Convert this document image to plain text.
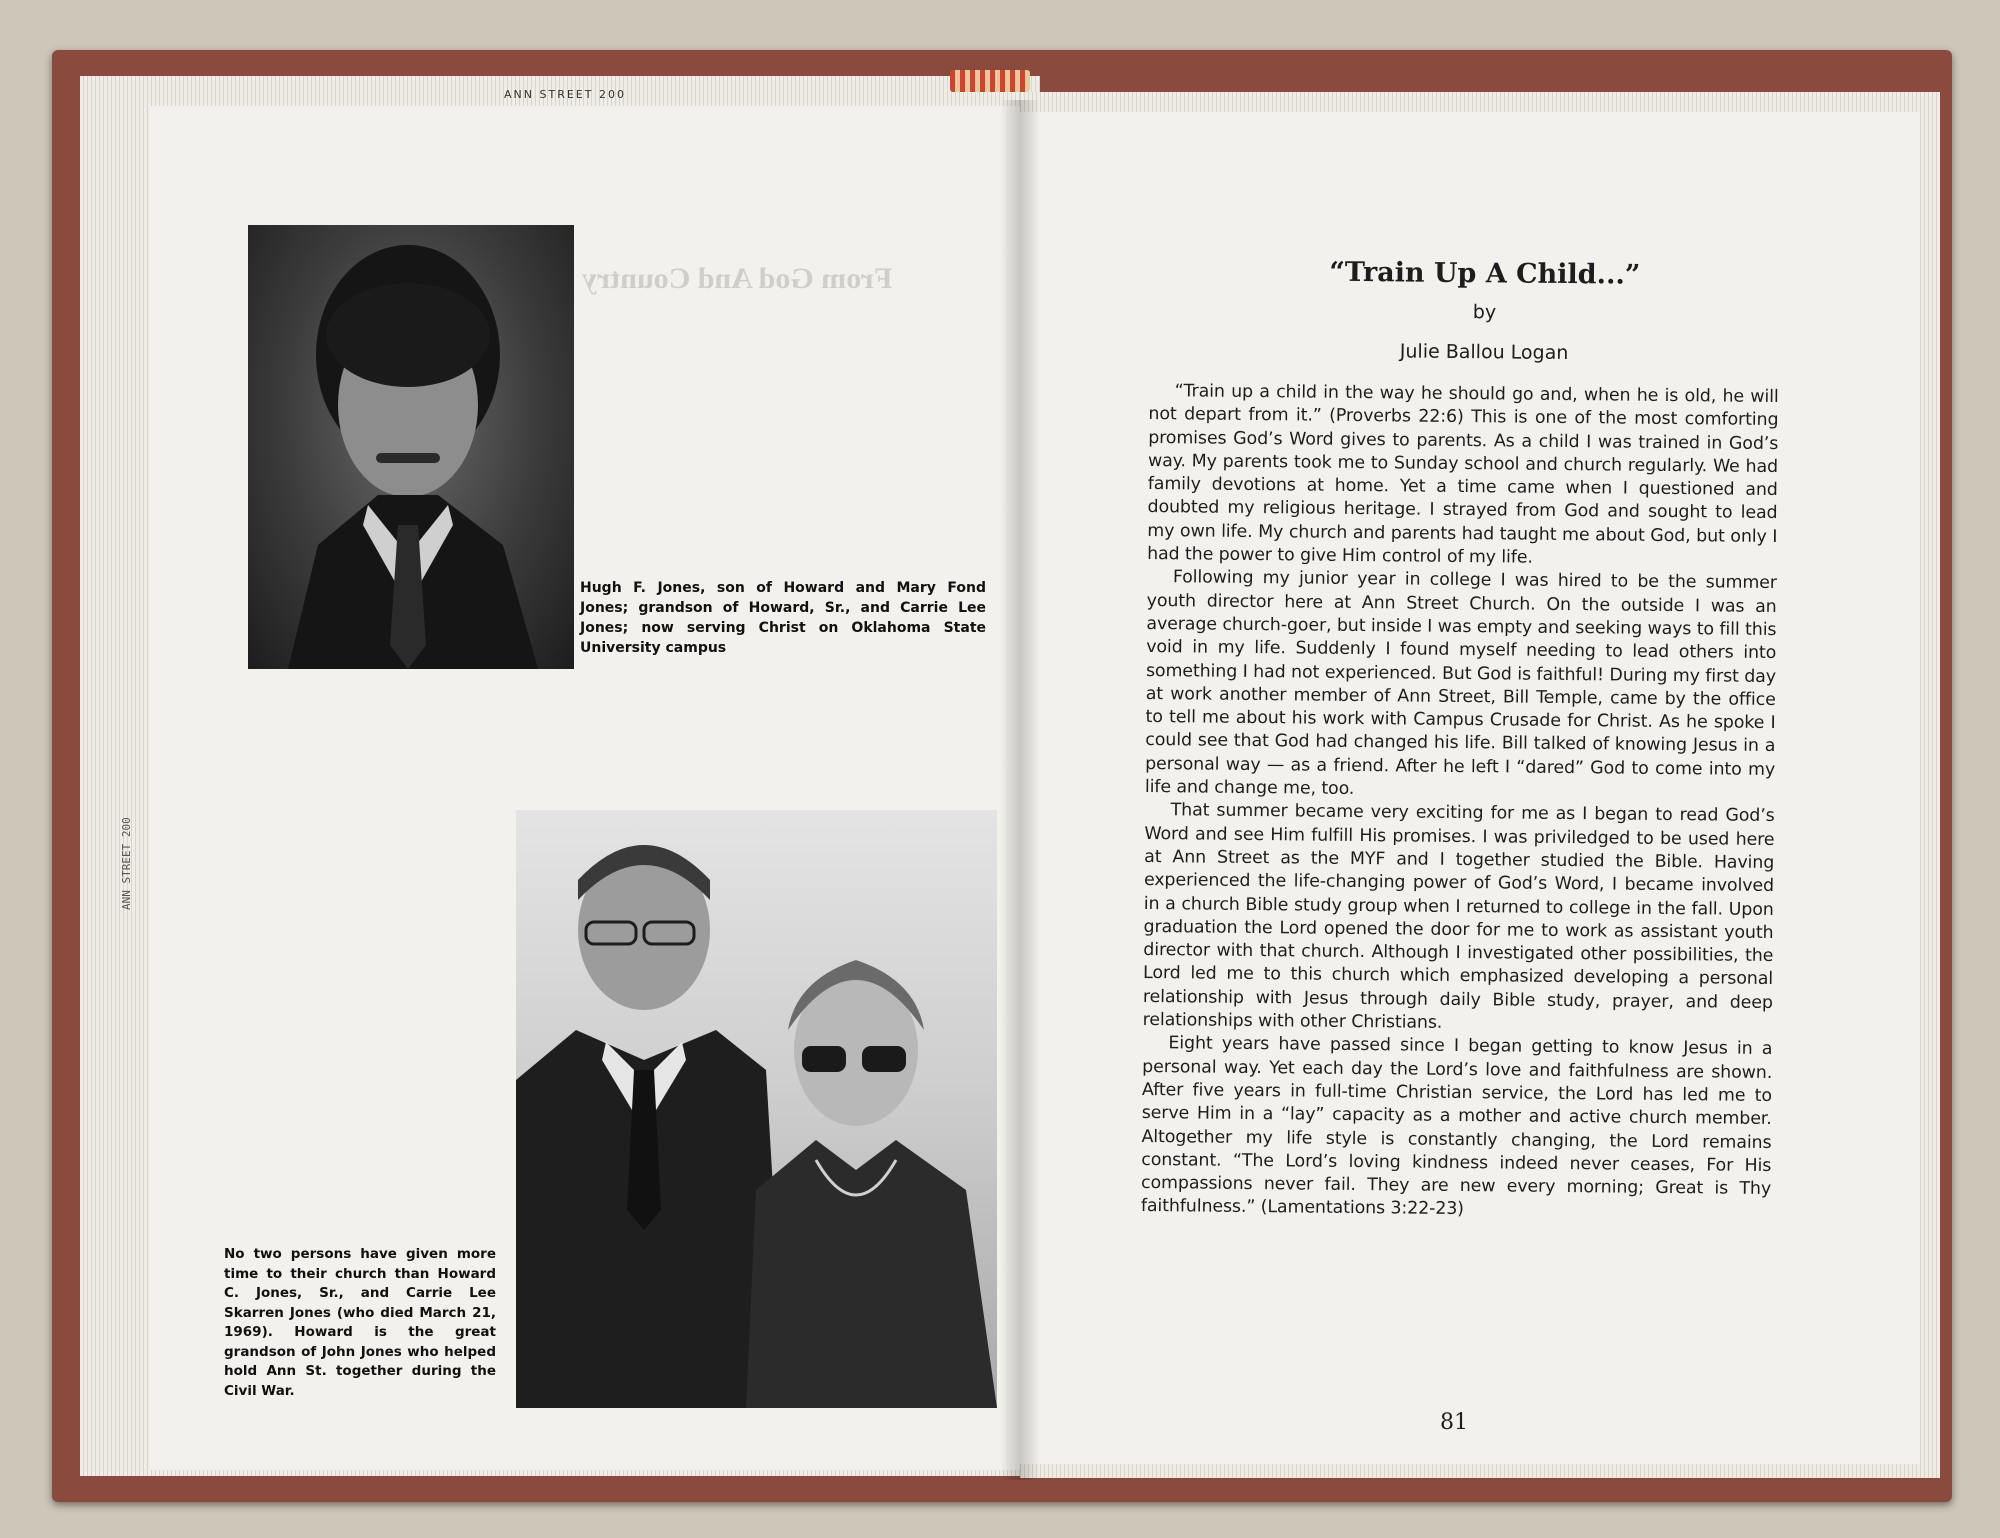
ANN STREET 200
ANN STREET 200
From God And Country
Hugh F. Jones, son of Howard and Mary Fond Jones; grandson of Howard, Sr., and Carrie Lee Jones; now serving Christ on Oklahoma State University campus
No two persons have given more time to their church than Howard C. Jones, Sr., and Carrie Lee Skarren Jones (who died March 21, 1969). Howard is the great grandson of John Jones who helped hold Ann St. together during the Civil War.
“Train Up A Child...”
by
Julie Ballou Logan

“Train up a child in the way he should go and, when he is old, he will not depart from it.” (Proverbs 22:6) This is one of the most comforting promises God’s Word gives to parents. As a child I was trained in God’s way. My parents took me to Sunday school and church regularly. We had family devotions at home. Yet a time came when I questioned and doubted my religious heritage. I strayed from God and sought to lead my own life. My church and parents had taught me about God, but only I had the power to give Him control of my life.

Following my junior year in college I was hired to be the summer youth director here at Ann Street Church. On the outside I was an average church-goer, but inside I was empty and seeking ways to fill this void in my life. Suddenly I found myself needing to lead others into something I had not experienced. But God is faithful! During my first day at work another member of Ann Street, Bill Temple, came by the office to tell me about his work with Campus Crusade for Christ. As he spoke I could see that God had changed his life. Bill talked of knowing Jesus in a personal way — as a friend. After he left I “dared” God to come into my life and change me, too.

That summer became very exciting for me as I began to read God’s Word and see Him fulfill His promises. I was priviledged to be used here at Ann Street as the MYF and I together studied the Bible. Having experienced the life-changing power of God’s Word, I became involved in a church Bible study group when I returned to college in the fall. Upon graduation the Lord opened the door for me to work as assistant youth director with that church. Although I investigated other possibilities, the Lord led me to this church which emphasized developing a personal relationship with Jesus through daily Bible study, prayer, and deep relationships with other Christians.

Eight years have passed since I began getting to know Jesus in a personal way. Yet each day the Lord’s love and faithfulness are shown. After five years in full-time Christian service, the Lord has led me to serve Him in a “lay” capacity as a mother and active church member. Altogether my life style is constantly changing, the Lord remains constant. “The Lord’s loving kindness indeed never ceases, For His compassions never fail. They are new every morning; Great is Thy faithfulness.” (Lamentations 3:22-23)

81
